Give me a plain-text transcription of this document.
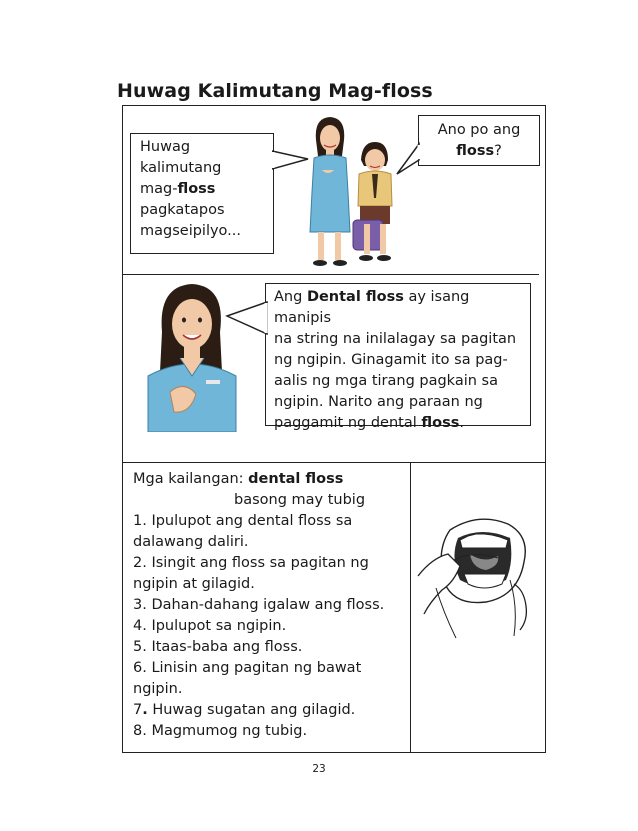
Huwag Kalimutang Mag-floss
Huwag
kalimutang
mag-floss
pagkatapos
magseipilyo...
Ano po ang
floss?
Ang Dental floss ay isang manipis
na string na inilalagay sa pagitan
ng ngipin. Ginagamit ito sa pag-
aalis ng mga tirang pagkain sa
ngipin. Narito ang paraan ng
paggamit ng dental floss.
Mga kailangan: dental floss
basong may tubig
1. Ipulupot ang dental floss sa
dalawang daliri.
2. Isingit ang floss sa pagitan ng
ngipin at gilagid.
3. Dahan-dahang igalaw ang floss.
4. Ipulupot sa ngipin.
5. Itaas-baba ang floss.
6. Linisin ang pagitan ng bawat
ngipin.
7. Huwag sugatan ang gilagid.
8. Magmumog ng tubig.
23
